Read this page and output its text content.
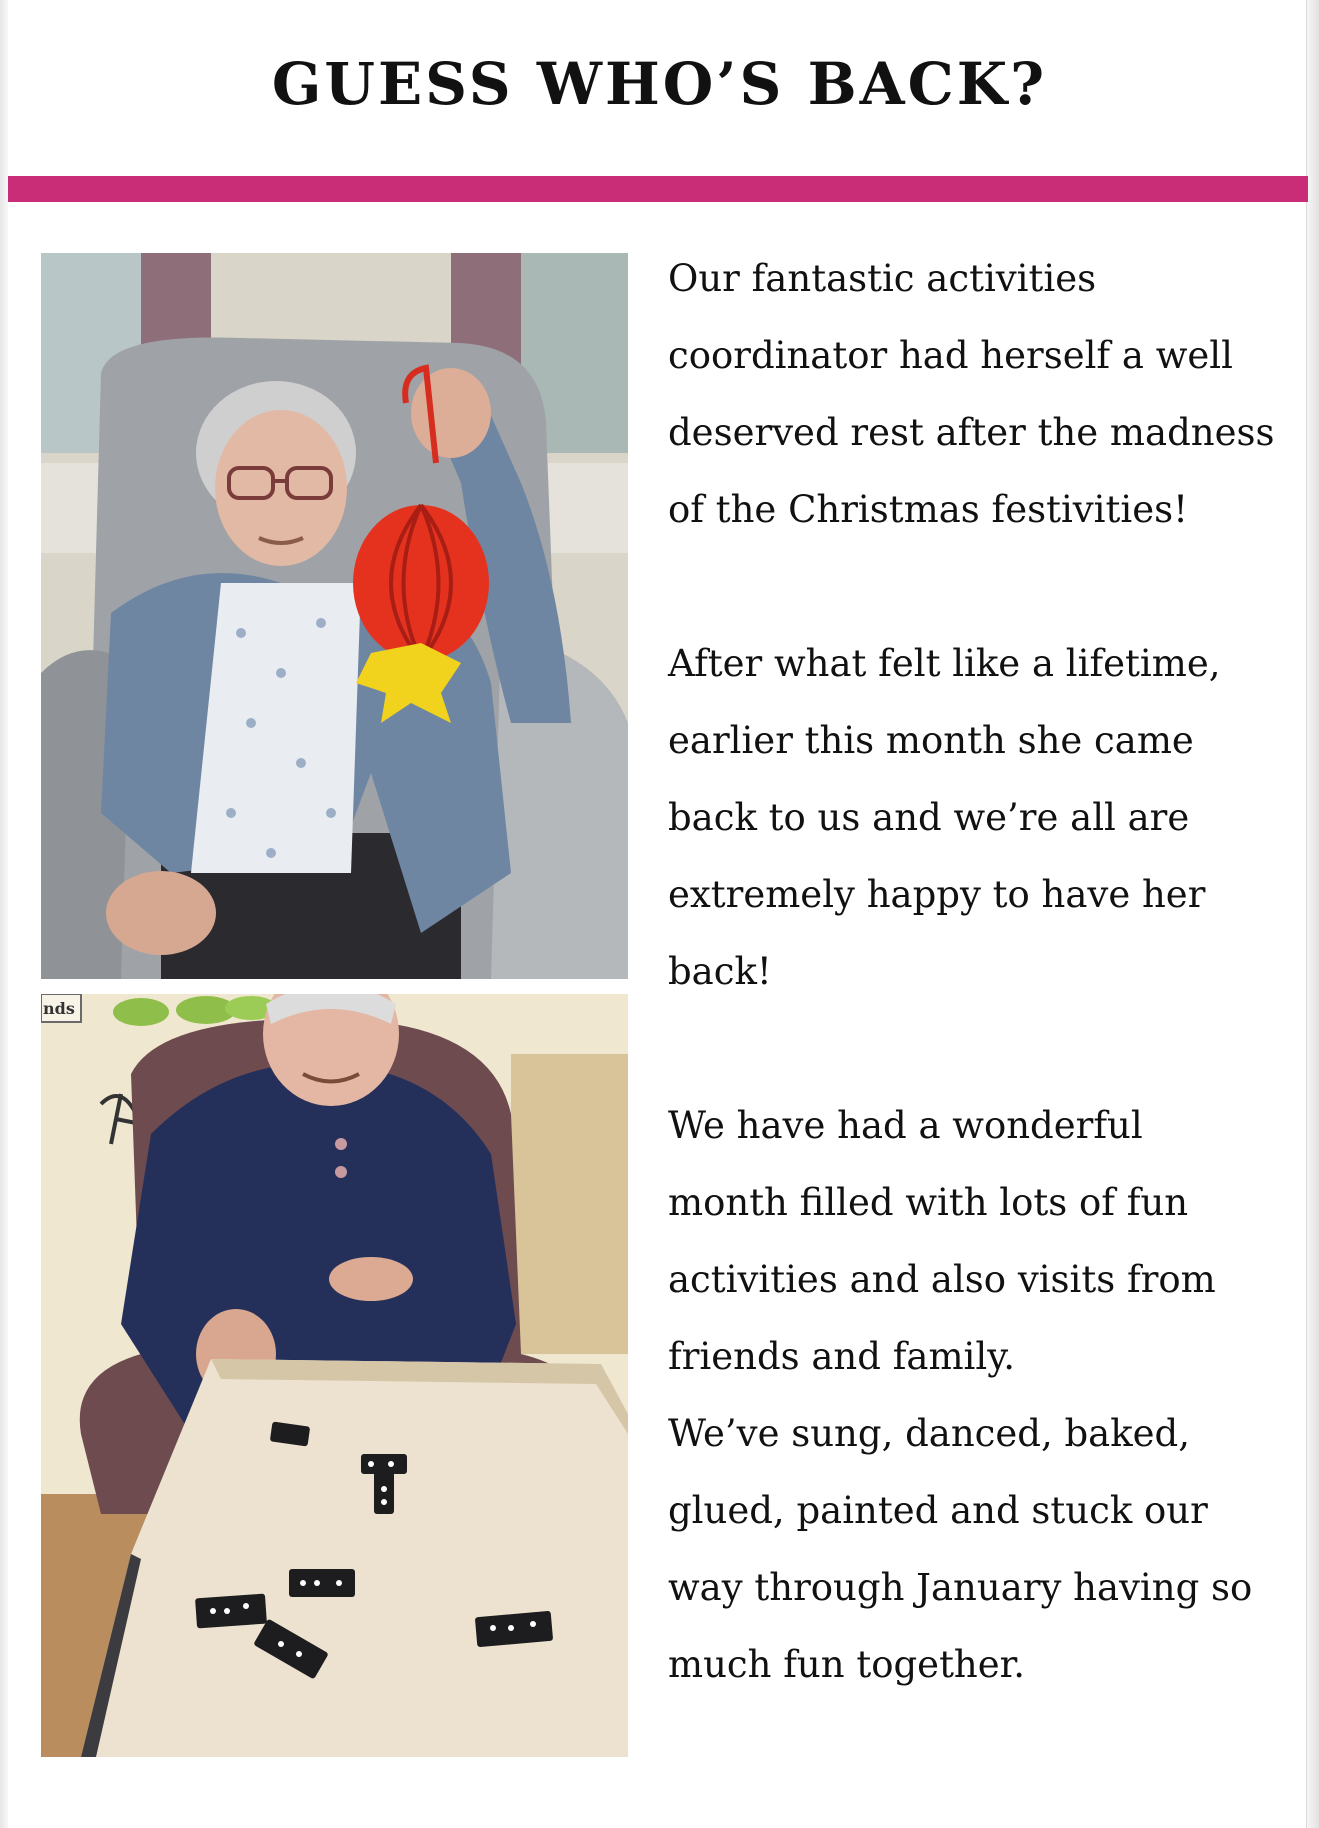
GUESS WHO’S BACK?
nds

Our fantastic activities
coordinator had herself a well
deserved rest after the madness
of the Christmas festivities!

After what felt like a lifetime,
earlier this month she came
back to us and we’re all are
extremely happy to have her
back!

We have had a wonderful
month filled with lots of fun
activities and also visits from
friends and family.

We’ve sung, danced, baked,
glued, painted and stuck our
way through January having so
much fun together.
